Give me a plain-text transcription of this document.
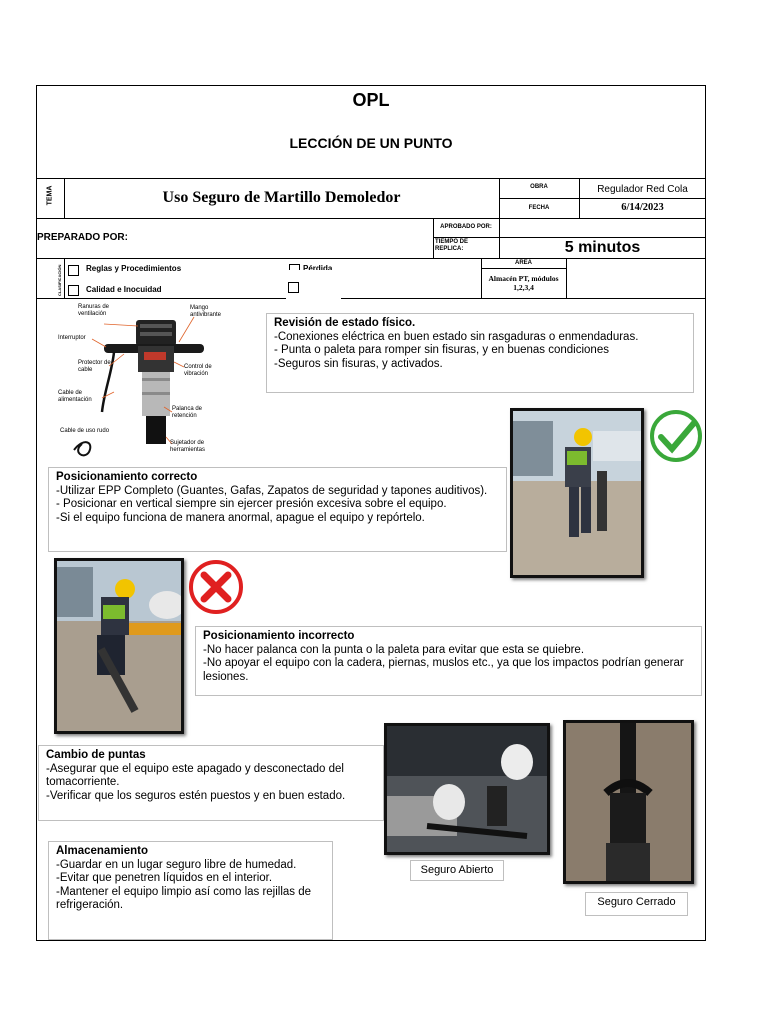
OPL
LECCIÓN DE UN PUNTO
TEMA	Uso Seguro de Martillo Demoledor
OBRA	Regulador Red Cola
FECHA	6/14/2023
PREPARADO POR:
APROBADO POR:
TIEMPO DE REPLICA:	5 minutos
CLASIFICACIÓN	Reglas y Procedimientos
Calidad e Inocuidad
Pérdida
AREA
Almacén PT, módulos 1,2,3,4
Ranuras de ventilación
Mango antivibrante
Interruptor
Protector de cable	Control de vibración
Cable de alimentación
Palanca de retención
Cable de uso rudo
Sujetador de herramientas
Revisión de estado físico.
-Conexiones eléctrica en buen estado sin rasgaduras o enmendaduras.
- Punta o paleta para romper sin fisuras, y en buenas condiciones
-Seguros sin fisuras, y activados.
Posicionamiento correcto
-Utilizar EPP Completo (Guantes, Gafas, Zapatos de seguridad y tapones auditivos).
- Posicionar en vertical siempre sin ejercer presión excesiva sobre el equipo.
-Si el equipo funciona de manera anormal, apague el equipo y repórtelo.
Posicionamiento incorrecto
-No hacer palanca con la punta o la paleta para evitar que esta se quiebre.
-No apoyar el equipo con la cadera, piernas, muslos etc., ya que los impactos podrían generar lesiones.
Cambio de puntas
-Asegurar que el equipo este apagado y desconectado del tomacorriente.
-Verificar que los seguros estén puestos y en buen estado.
Seguro Abierto
Seguro Cerrado
Almacenamiento
-Guardar en un lugar seguro libre de humedad.
-Evitar que penetren líquidos en el interior.
-Mantener el equipo limpio así como las rejillas de refrigeración.
